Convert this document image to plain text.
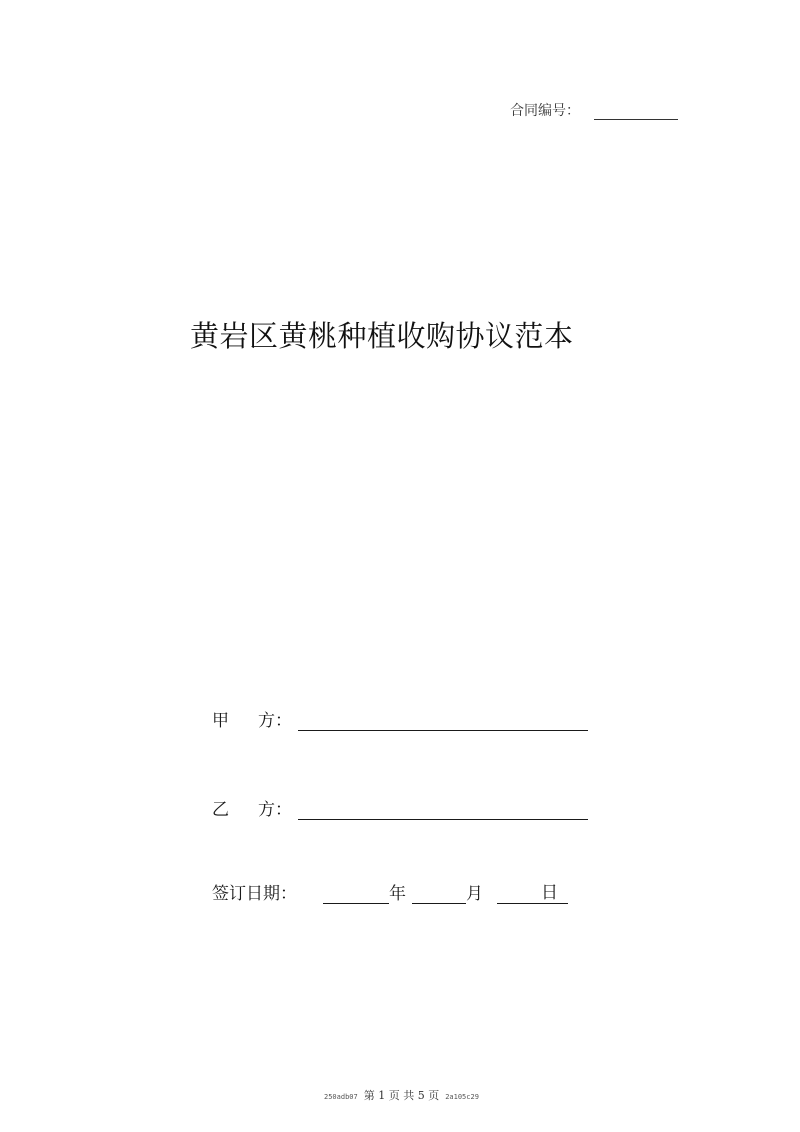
合同编号：
黄岩区黄桃种植收购协议范本
甲 方：
乙 方：
签订日期：	年	月	日
250adb07 第 1 页 共 5 页 2a105c29
